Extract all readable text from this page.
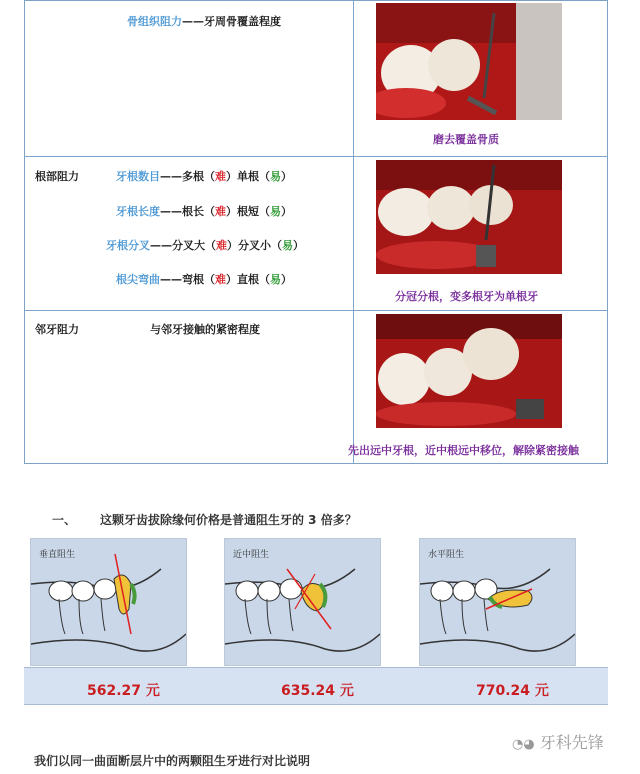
骨组织阻力——牙周骨覆盖程度
磨去覆盖骨质
根部阻力	牙根数目——多根（难）单根（易）
牙根长度——根长（难）根短（易）
牙根分叉——分叉大（难）分叉小（易）
根尖弯曲——弯根（难）直根（易）
分冠分根，变多根牙为单根牙
邻牙阻力	与邻牙接触的紧密程度
先出远中牙根，近中根远中移位，解除紧密接触
一、 这颗牙齿拔除缘何价格是普通阻生牙的 3 倍多？
垂直阻生	近中阻生	水平阻生
562.27 元	635.24 元	770.24 元
◔◕ 牙科先锋
我们以同一曲面断层片中的两颗阻生牙进行对比说明
